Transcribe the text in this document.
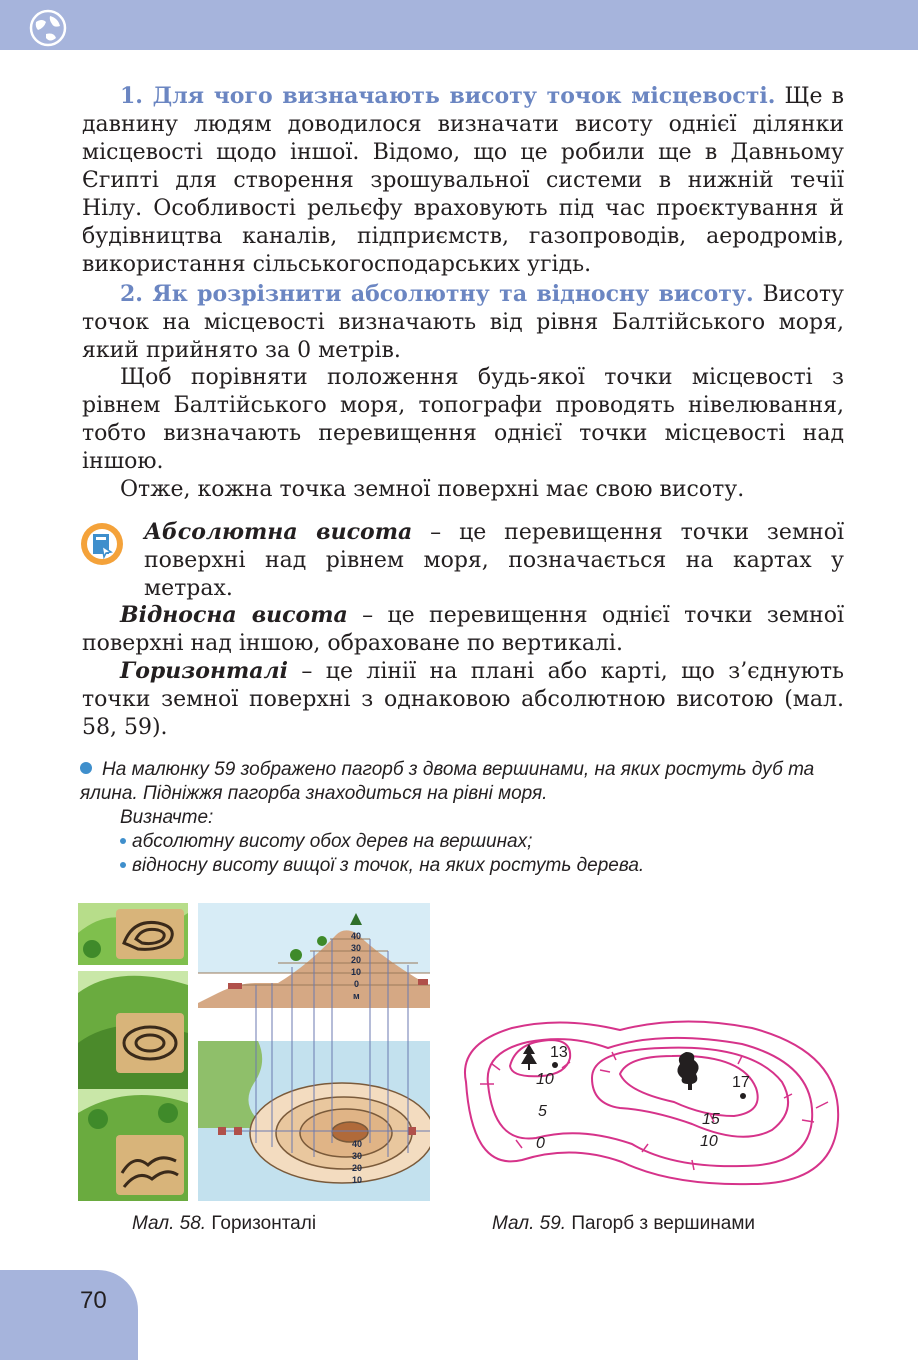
1. Для чого визначають висоту точок місцевості. Ще в давнину людям доводилося визначати висоту однієї ділянки місцевості щодо іншої. Відомо, що це робили ще в Давньому Єгипті для створення зрошувальної системи в нижній течії Нілу. Особливості рельєфу враховують під час проєктування й будівництва каналів, підприємств, газопроводів, аеродромів, використання сільськогосподарських угідь.

2. Як розрізнити абсолютну та відносну висоту. Висоту точок на місцевості визначають від рівня Балтійського моря, який прийнято за 0 метрів.

Щоб порівняти положення будь-якої точки місцевості з рівнем Балтійського моря, топографи проводять нівелювання, тобто визначають перевищення однієї точки місцевості над іншою.

Отже, кожна точка земної поверхні має свою висоту.

Абсолютна висота – це перевищення точки земної поверхні над рівнем моря, позначається на картах у метрах.

Відносна висота – це перевищення однієї точки земної поверхні над іншою, обраховане по вертикалі.

Горизонталі – це лінії на плані або карті, що з’єднують точки земної поверхні з однаковою абсолютною висотою (мал. 58, 59).

На малюнку 59 зображено пагорб з двома вершинами, на яких ростуть дуб та ялина. Підніжжя пагорба знаходиться на рівні моря.

Визначте:

абсолютну висоту обох дерев на вершинах;

відносну висоту вищої з точок, на яких ростуть дерева.

40
30
20
10
0
м
40
30
20
10
13
17
10
5
0
15
10
Мал. 58. Горизонталі	Мал. 59. Пагорб з вершинами
70
